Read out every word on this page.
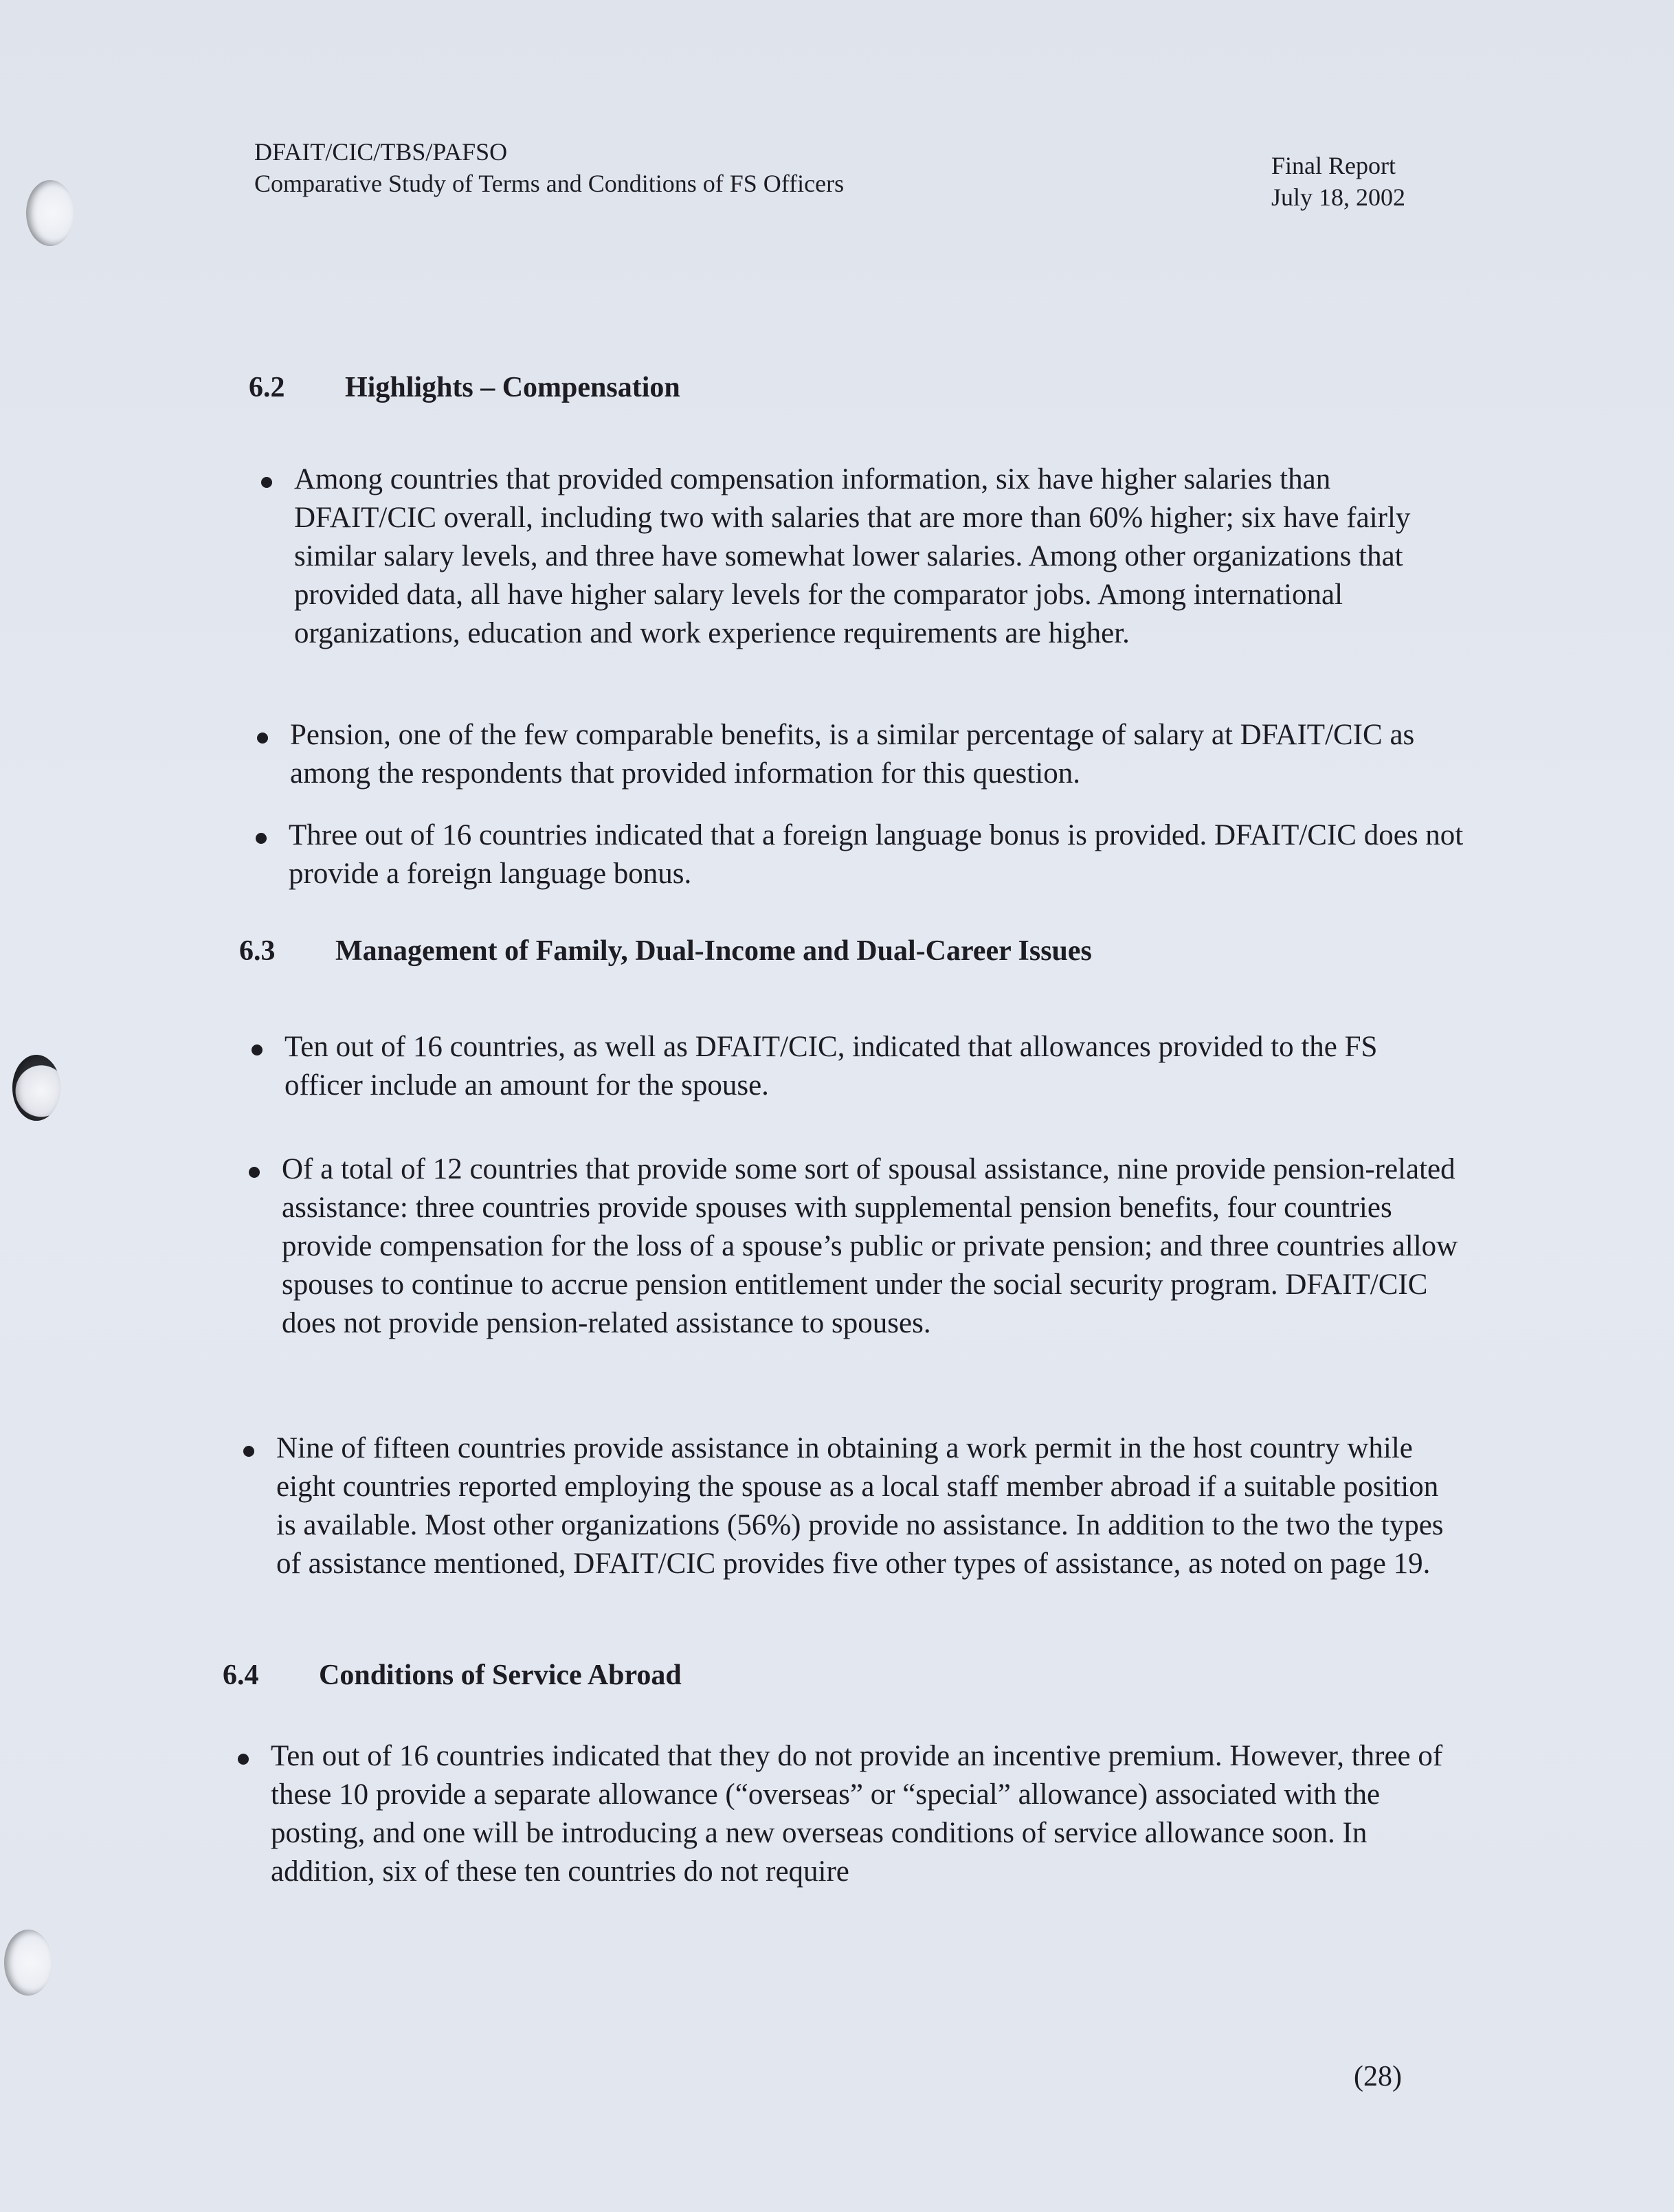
DFAIT/CIC/TBS/PAFSO
Comparative Study of Terms and Conditions of FS Officers
Final Report
July 18, 2002
6.2 Highlights – Compensation
Among countries that provided compensation information, six have higher salaries than DFAIT/CIC overall, including two with salaries that are more than 60% higher; six have fairly similar salary levels, and three have somewhat lower salaries. Among other organizations that provided data, all have higher salary levels for the comparator jobs. Among international organizations, education and work experience requirements are higher.
Pension, one of the few comparable benefits, is a similar percentage of salary at DFAIT/CIC as among the respondents that provided information for this question.
Three out of 16 countries indicated that a foreign language bonus is provided. DFAIT/CIC does not provide a foreign language bonus.
6.3 Management of Family, Dual-Income and Dual-Career Issues
Ten out of 16 countries, as well as DFAIT/CIC, indicated that allowances provided to the FS officer include an amount for the spouse.
Of a total of 12 countries that provide some sort of spousal assistance, nine provide pension-related assistance: three countries provide spouses with supplemental pension benefits, four countries provide compensation for the loss of a spouse’s public or private pension; and three countries allow spouses to continue to accrue pension entitlement under the social security program. DFAIT/CIC does not provide pension-related assistance to spouses.
Nine of fifteen countries provide assistance in obtaining a work permit in the host country while eight countries reported employing the spouse as a local staff member abroad if a suitable position is available. Most other organizations (56%) provide no assistance. In addition to the two the types of assistance mentioned, DFAIT/CIC provides five other types of assistance, as noted on page 19.
6.4 Conditions of Service Abroad
Ten out of 16 countries indicated that they do not provide an incentive premium. However, three of these 10 provide a separate allowance (“overseas” or “special” allowance) associated with the posting, and one will be introducing a new overseas conditions of service allowance soon. In addition, six of these ten countries do not require
(28)
